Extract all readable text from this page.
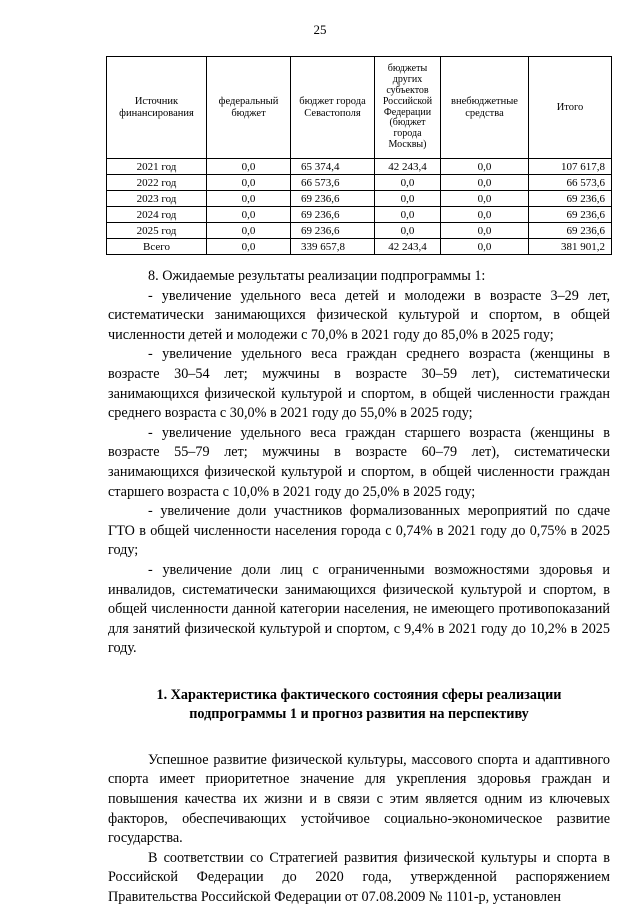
25
Источник финансирования	федеральный бюджет	бюджет города Севастополя	бюджеты других субъектов Российской Федерации (бюджет города Москвы)	внебюджетные средства	Итого
2021 год	0,0	65 374,4	42 243,4	0,0	107 617,8
2022 год	0,0	66 573,6	0,0	0,0	66 573,6
2023 год	0,0	69 236,6	0,0	0,0	69 236,6
2024 год	0,0	69 236,6	0,0	0,0	69 236,6
2025 год	0,0	69 236,6	0,0	0,0	69 236,6
Всего	0,0	339 657,8	42 243,4	0,0	381 901,2

8. Ожидаемые результаты реализации подпрограммы 1:

- увеличение удельного веса детей и молодежи в возрасте 3–29 лет, систематически занимающихся физической культурой и спортом, в общей численности детей и молодежи с 70,0% в 2021 году до 85,0% в 2025 году;

- увеличение удельного веса граждан среднего возраста (женщины в возрасте 30–54 лет; мужчины в возрасте 30–59 лет), систематически занимающихся физической культурой и спортом, в общей численности граждан среднего возраста с 30,0% в 2021 году до 55,0% в 2025 году;

- увеличение удельного веса граждан старшего возраста (женщины в возрасте 55–79 лет; мужчины в возрасте 60–79 лет), систематически занимающихся физической культурой и спортом, в общей численности граждан старшего возраста с 10,0% в 2021 году до 25,0% в 2025 году;

- увеличение доли участников формализованных мероприятий по сдаче ГТО в общей численности населения города с 0,74% в 2021 году до 0,75% в 2025 году;

- увеличение доли лиц с ограниченными возможностями здоровья и инвалидов, систематически занимающихся физической культурой и спортом, в общей численности данной категории населения, не имеющего противопоказаний для занятий физической культурой и спортом, с 9,4% в 2021 году до 10,2% в 2025 году.

1. Характеристика фактического состояния сферы реализации
подпрограммы 1 и прогноз развития на перспективу

Успешное развитие физической культуры, массового спорта и адаптивного спорта имеет приоритетное значение для укрепления здоровья граждан и повышения качества их жизни и в связи с этим является одним из ключевых факторов, обеспечивающих устойчивое социально-экономическое развитие государства.

В соответствии со Стратегией развития физической культуры и спорта в Российской Федерации до 2020 года, утвержденной распоряжением Правительства Российской Федерации от 07.08.2009 № 1101-р, установлен
